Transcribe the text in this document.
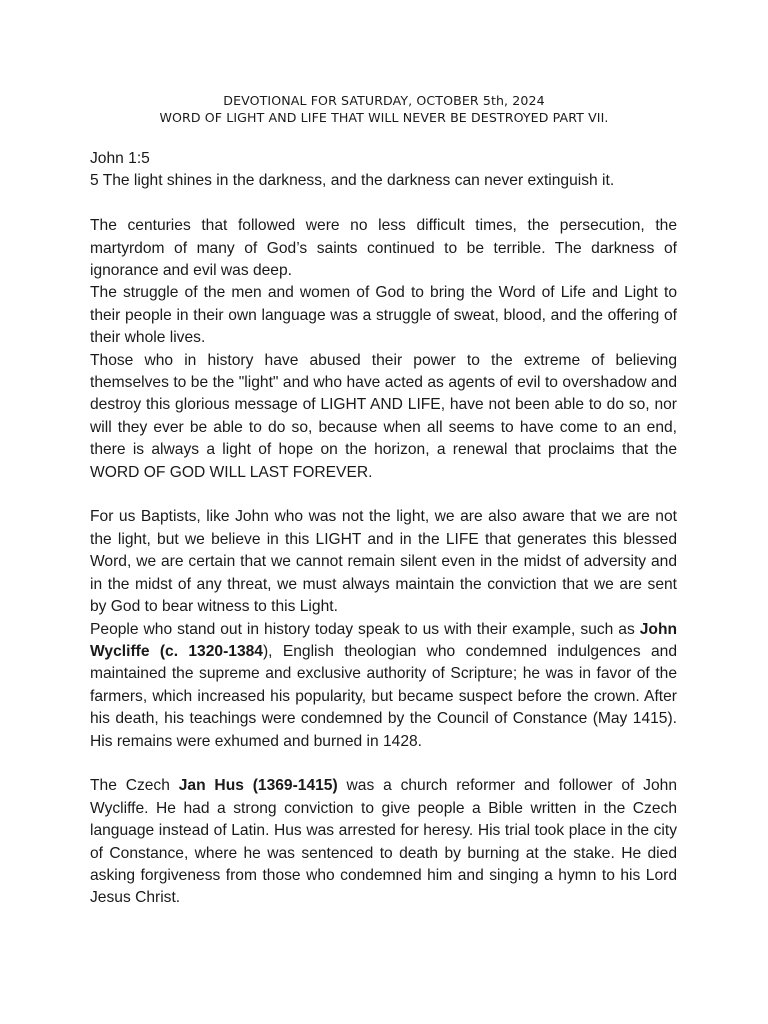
DEVOTIONAL FOR SATURDAY, OCTOBER 5th, 2024
WORD OF LIGHT AND LIFE THAT WILL NEVER BE DESTROYED PART VII.

John 1:5

5 The light shines in the darkness, and the darkness can never extinguish it.

The centuries that followed were no less difficult times, the persecution, the martyrdom of many of God’s saints continued to be terrible. The darkness of ignorance and evil was deep.

The struggle of the men and women of God to bring the Word of Life and Light to their people in their own language was a struggle of sweat, blood, and the offering of their whole lives.

Those who in history have abused their power to the extreme of believing themselves to be the "light" and who have acted as agents of evil to overshadow and destroy this glorious message of LIGHT AND LIFE, have not been able to do so, nor will they ever be able to do so, because when all seems to have come to an end, there is always a light of hope on the horizon, a renewal that proclaims that the WORD OF GOD WILL LAST FOREVER.

For us Baptists, like John who was not the light, we are also aware that we are not the light, but we believe in this LIGHT and in the LIFE that generates this blessed Word, we are certain that we cannot remain silent even in the midst of adversity and in the midst of any threat, we must always maintain the conviction that we are sent by God to bear witness to this Light.

People who stand out in history today speak to us with their example, such as John Wycliffe (c. 1320-1384), English theologian who condemned indulgences and maintained the supreme and exclusive authority of Scripture; he was in favor of the farmers, which increased his popularity, but became suspect before the crown. After his death, his teachings were condemned by the Council of Constance (May 1415). His remains were exhumed and burned in 1428.

The Czech Jan Hus (1369-1415) was a church reformer and follower of John Wycliffe. He had a strong conviction to give people a Bible written in the Czech language instead of Latin. Hus was arrested for heresy. His trial took place in the city of Constance, where he was sentenced to death by burning at the stake. He died asking forgiveness from those who condemned him and singing a hymn to his Lord Jesus Christ.
